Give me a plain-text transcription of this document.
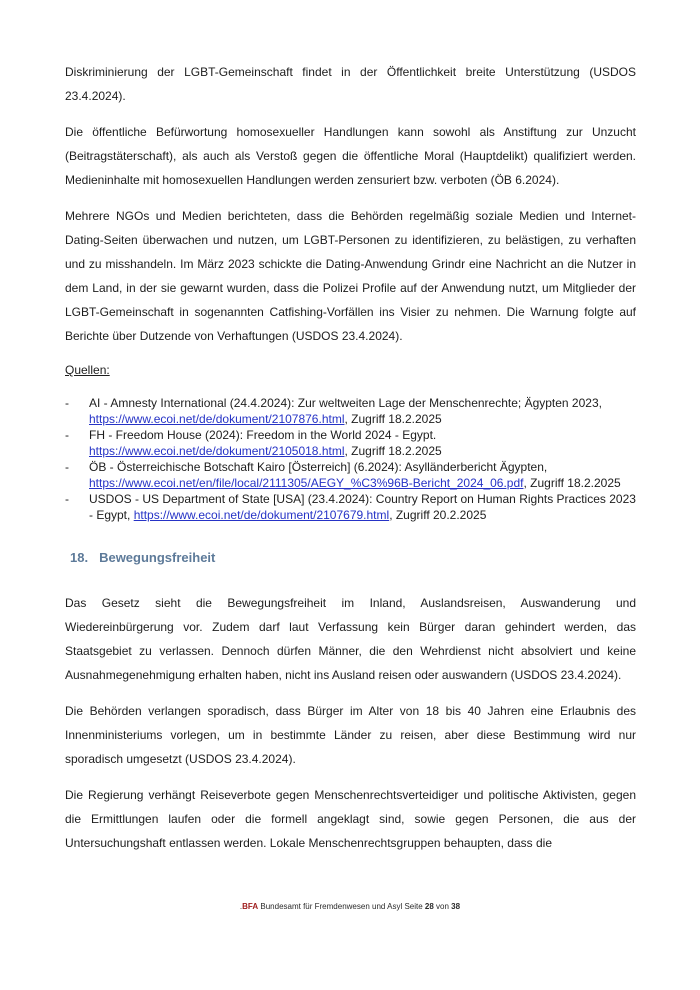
Diskriminierung der LGBT-Gemeinschaft findet in der Öffentlichkeit breite Unterstützung (USDOS 23.4.2024).

Die öffentliche Befürwortung homosexueller Handlungen kann sowohl als Anstiftung zur Unzucht (Beitragstäterschaft), als auch als Verstoß gegen die öffentliche Moral (Hauptdelikt) qualifiziert werden. Medieninhalte mit homosexuellen Handlungen werden zensuriert bzw. verboten (ÖB 6.2024).

Mehrere NGOs und Medien berichteten, dass die Behörden regelmäßig soziale Medien und Internet-Dating-Seiten überwachen und nutzen, um LGBT-Personen zu identifizieren, zu belästigen, zu verhaften und zu misshandeln. Im März 2023 schickte die Dating-Anwendung Grindr eine Nachricht an die Nutzer in dem Land, in der sie gewarnt wurden, dass die Polizei Profile auf der Anwendung nutzt, um Mitglieder der LGBT-Gemeinschaft in sogenannten Catfishing-Vorfällen ins Visier zu nehmen. Die Warnung folgte auf Berichte über Dutzende von Verhaftungen (USDOS 23.4.2024).

Quellen:

-	AI - Amnesty International (24.4.2024): Zur weltweiten Lage der Menschenrechte; Ägypten 2023, https://www.ecoi.net/de/dokument/2107876.html, Zugriff 18.2.2025
-	FH - Freedom House (2024): Freedom in the World 2024 - Egypt. https://www.ecoi.net/de/dokument/2105018.html, Zugriff 18.2.2025
-	ÖB - Österreichische Botschaft Kairo [Österreich] (6.2024): Asylländerbericht Ägypten, https://www.ecoi.net/en/file/local/2111305/AEGY_%C3%96B-Bericht_2024_06.pdf, Zugriff 18.2.2025
-	USDOS - US Department of State [USA] (23.4.2024): Country Report on Human Rights Practices 2023 - Egypt, https://www.ecoi.net/de/dokument/2107679.html, Zugriff 20.2.2025
18. Bewegungsfreiheit

Das Gesetz sieht die Bewegungsfreiheit im Inland, Auslandsreisen, Auswanderung und Wiedereinbürgerung vor. Zudem darf laut Verfassung kein Bürger daran gehindert werden, das Staatsgebiet zu verlassen. Dennoch dürfen Männer, die den Wehrdienst nicht absolviert und keine Ausnahmegenehmigung erhalten haben, nicht ins Ausland reisen oder auswandern (USDOS 23.4.2024).

Die Behörden verlangen sporadisch, dass Bürger im Alter von 18 bis 40 Jahren eine Erlaubnis des Innenministeriums vorlegen, um in bestimmte Länder zu reisen, aber diese Bestimmung wird nur sporadisch umgesetzt (USDOS 23.4.2024).

Die Regierung verhängt Reiseverbote gegen Menschenrechtsverteidiger und politische Aktivisten, gegen die Ermittlungen laufen oder die formell angeklagt sind, sowie gegen Personen, die aus der Untersuchungshaft entlassen werden. Lokale Menschenrechtsgruppen behaupten, dass die

.BFA Bundesamt für Fremdenwesen und Asyl Seite 28 von 38
